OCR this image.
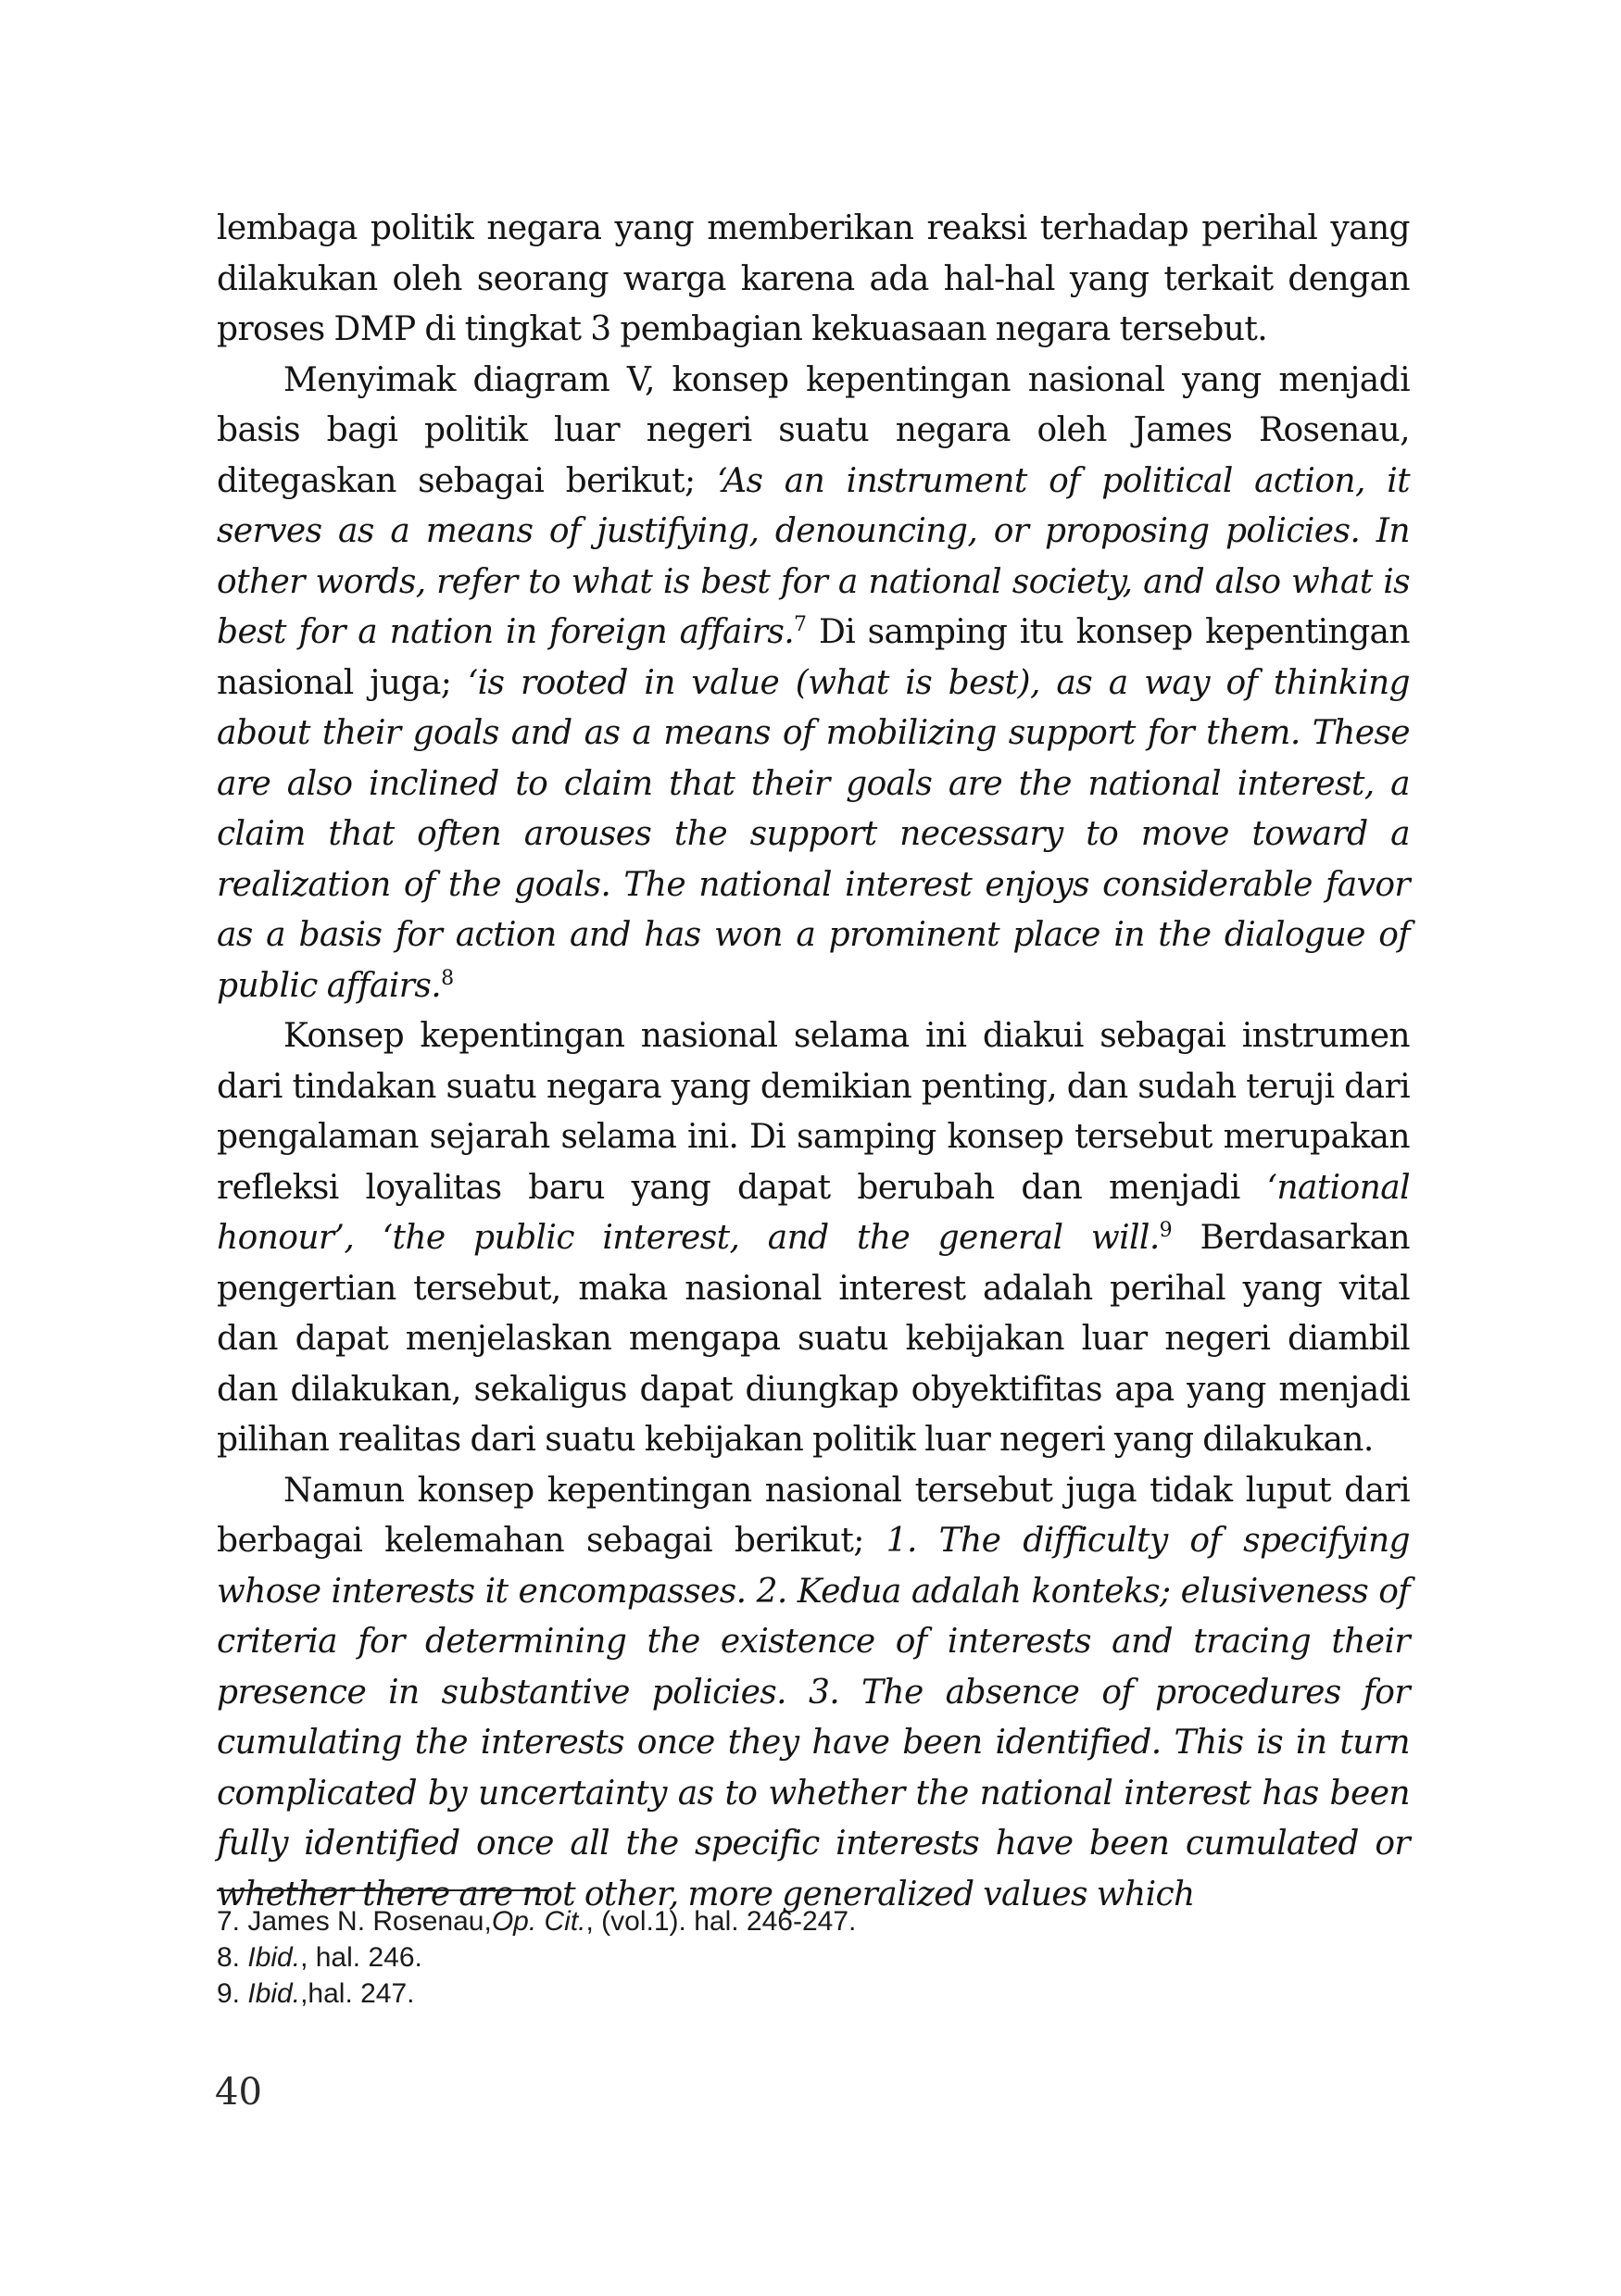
lembaga politik negara yang memberikan reaksi terhadap perihal yang dilakukan oleh seorang warga karena ada hal-hal yang terkait dengan proses DMP di tingkat 3 pembagian kekuasaan negara tersebut.

Menyimak diagram V, konsep kepentingan nasional yang menjadi basis bagi politik luar negeri suatu negara oleh James Rosenau, ditegaskan sebagai berikut; ‘As an instrument of political action, it serves as a means of justifying, denouncing, or proposing policies. In other words, refer to what is best for a national society, and also what is best for a nation in foreign affairs.$^7$ Di samping itu konsep kepentingan nasional juga; ‘is rooted in value (what is best), as a way of thinking about their goals and as a means of mobilizing support for them. These are also inclined to claim that their goals are the national interest, a claim that often arouses the support necessary to move toward a realization of the goals. The national interest enjoys considerable favor as a basis for action and has won a prominent place in the dialogue of public affairs.$^8$

Konsep kepentingan nasional selama ini diakui sebagai instrumen dari tindakan suatu negara yang demikian penting, dan sudah teruji dari pengalaman sejarah selama ini. Di samping konsep tersebut merupakan refleksi loyalitas baru yang dapat berubah dan menjadi ‘national honour’, ‘the public interest, and the general will.$^9$ Berdasarkan pengertian tersebut, maka nasional interest adalah perihal yang vital dan dapat menjelaskan mengapa suatu kebijakan luar negeri diambil dan dilakukan, sekaligus dapat diungkap obyektifitas apa yang menjadi pilihan realitas dari suatu kebijakan politik luar negeri yang dilakukan.

Namun konsep kepentingan nasional tersebut juga tidak luput dari berbagai kelemahan sebagai berikut; 1. The difficulty of specifying whose interests it encompasses. 2. Kedua adalah konteks; elusiveness of criteria for determining the existence of interests and tracing their presence in substantive policies. 3. The absence of procedures for cumulating the interests once they have been identified. This is in turn complicated by uncertainty as to whether the national interest has been fully identified once all the specific interests have been cumulated or whether there are not other, more generalized values which

7. James N. Rosenau,Op. Cit., (vol.1). hal. 246-247.
8. Ibid., hal. 246.
9. Ibid.,hal. 247.
40
